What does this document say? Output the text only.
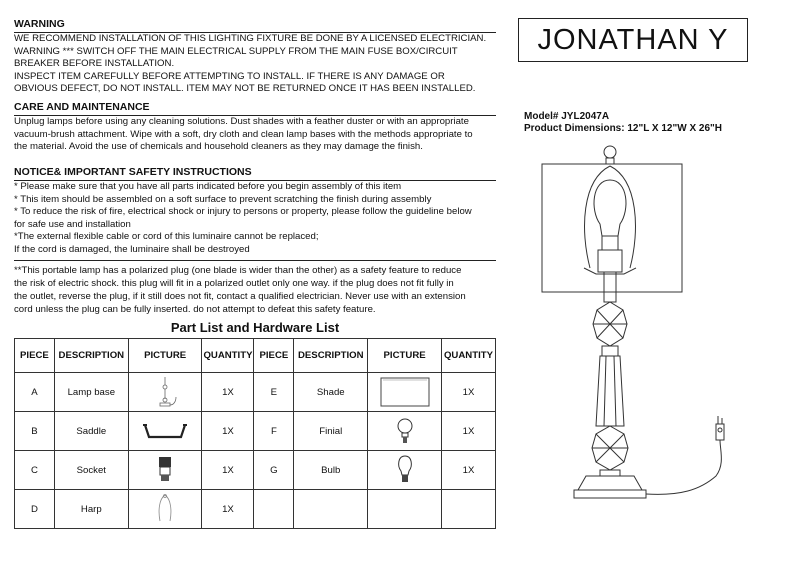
WARNING
WE RECOMMEND INSTALLATION OF THIS LIGHTING FIXTURE BE DONE BY A LICENSED ELECTRICIAN.
WARNING *** SWITCH OFF THE MAIN ELECTRICAL SUPPLY FROM THE MAIN FUSE BOX/CIRCUIT
BREAKER BEFORE INSTALLATION.
INSPECT ITEM CAREFULLY BEFORE ATTEMPTING TO INSTALL. IF THERE IS ANY DAMAGE OR
OBVIOUS DEFECT, DO NOT INSTALL. ITEM MAY NOT BE RETURNED ONCE IT HAS BEEN INSTALLED.
CARE AND MAINTENANCE
Unplug lamps before using any cleaning solutions. Dust shades with a feather duster or with an appropriate
vacuum-brush attachment. Wipe with a soft, dry cloth and clean lamp bases with the methods appropriate to
the material. Avoid the use of chemicals and household cleaners as they may damage the finish.
NOTICE& IMPORTANT SAFETY INSTRUCTIONS
* Please make sure that you have all parts indicated before you begin assembly of this item
* This item should be assembled on a soft surface to prevent scratching the finish during assembly
* To reduce the risk of fire, electrical shock or injury to persons or property, please follow the guideline below
for safe use and installation
*The external flexible cable or cord of this luminaire cannot be replaced;
If the cord is damaged, the luminaire shall be destroyed
**This portable lamp has a polarized plug (one blade is wider than the other) as a safety feature to reduce
the risk of electric shock. this plug will fit in a polarized outlet only one way. if the plug does not fit fully in
the outlet, reverse the plug, if it still does not fit, contact a qualified electrician. Never use with an extension
cord unless the plug can be fully inserted. do not attempt to defeat this safety feature.
JONATHAN Y
Model# JYL2047A
Product Dimensions: 12"L X 12"W X 26"H
Part List and Hardware List
PIECE	DESCRIPTION	PICTURE	QUANTITY	PIECE	DESCRIPTION	PICTURE	QUANTITY
A	Lamp base		1X	E	Shade		1X
B	Saddle		1X	F	Finial		1X
C	Socket		1X	G	Bulb		1X
D	Harp		1X				
